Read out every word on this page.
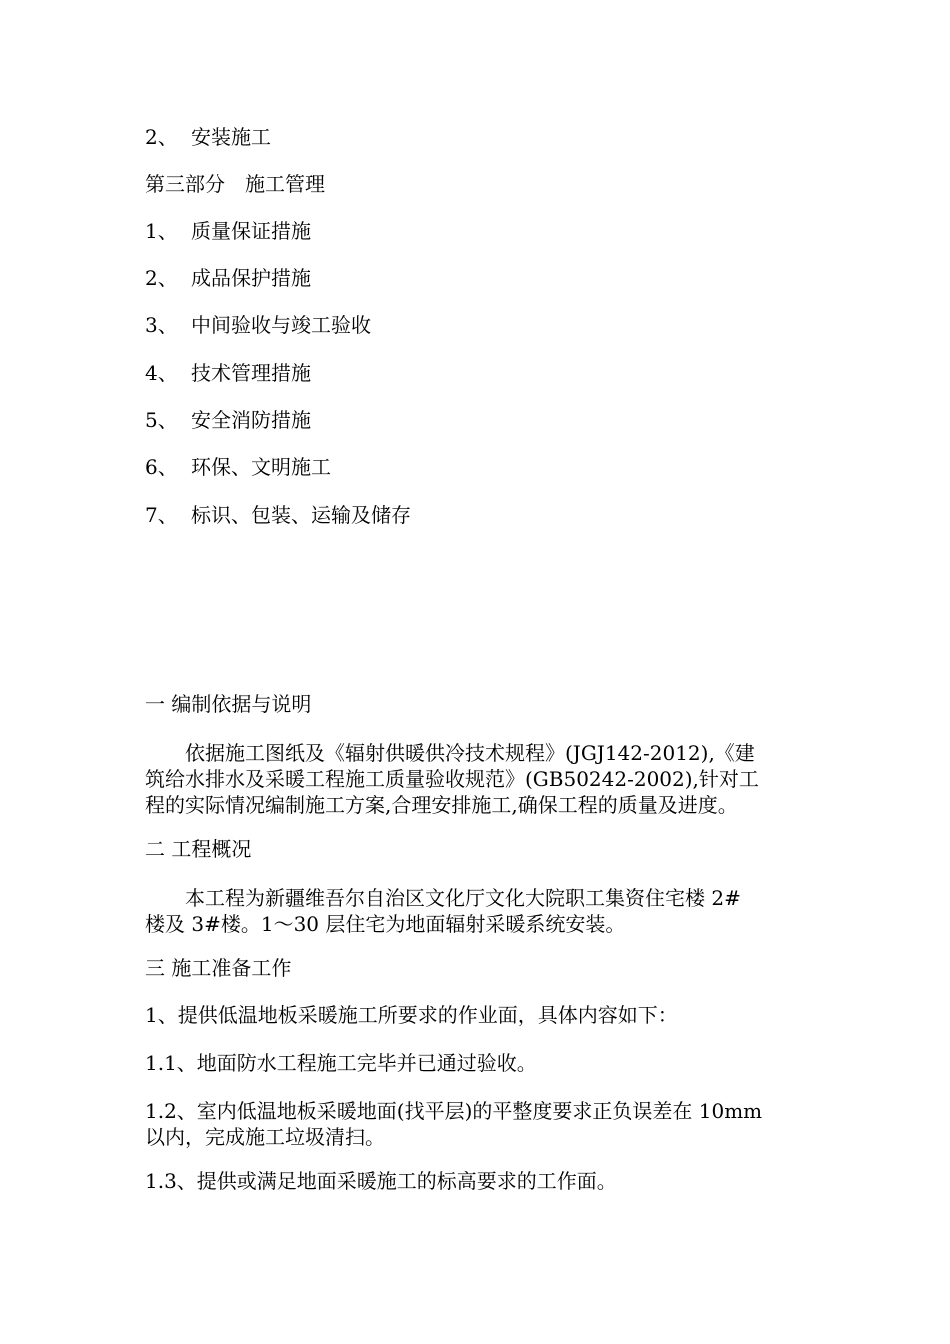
2、 安装施工
第三部分　施工管理
1、 质量保证措施
2、 成品保护措施
3、 中间验收与竣工验收
4、 技术管理措施
5、 安全消防措施
6、 环保、文明施工
7、 标识、包装、运输及储存
一 编制依据与说明

　　依据施工图纸及《辐射供暖供冷技术规程》(JGJ142-2012),《建

筑给水排水及采暖工程施工质量验收规范》(GB50242-2002),针对工

程的实际情况编制施工方案,合理安排施工,确保工程的质量及进度。

二 工程概况

　　本工程为新疆维吾尔自治区文化厅文化大院职工集资住宅楼 2#

楼及 3#楼。1～30 层住宅为地面辐射采暖系统安装。

三 施工准备工作
1、提供低温地板采暖施工所要求的作业面，具体内容如下：
1.1、地面防水工程施工完毕并已通过验收。

1.2、室内低温地板采暖地面(找平层)的平整度要求正负误差在 10mm

以内，完成施工垃圾清扫。

1.3、提供或满足地面采暖施工的标高要求的工作面。
